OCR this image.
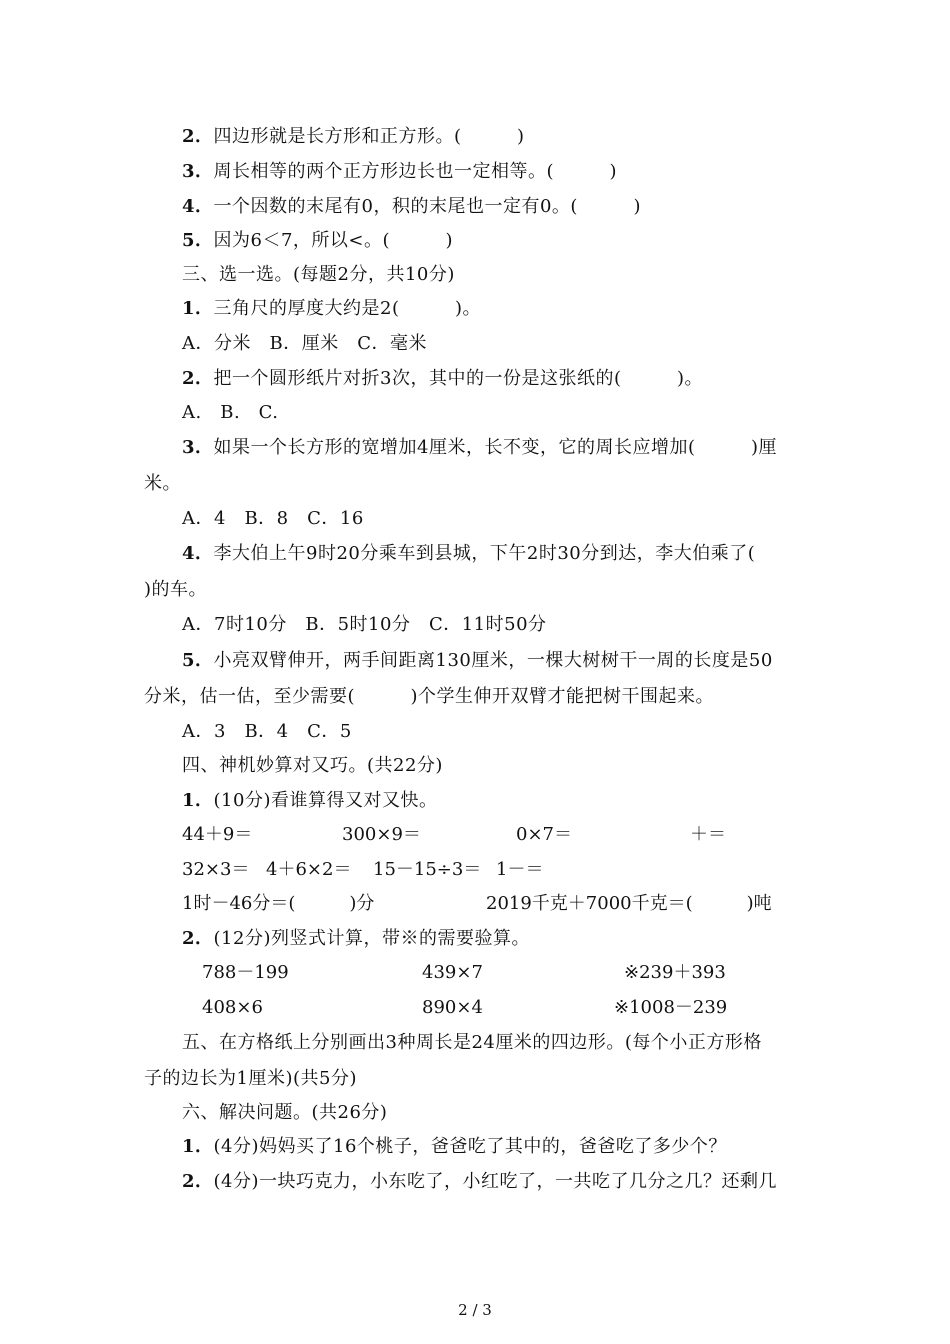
2．四边形就是长方形和正方形。(　　　)
3．周长相等的两个正方形边长也一定相等。(　　　)
4．一个因数的末尾有0，积的末尾也一定有0。(　　　)
5．因为6＜7，所以<。(　　　)
三、选一选。(每题2分，共10分)
1．三角尺的厚度大约是2(　　　)。
A．分米　B．厘米　C．毫米
2．把一个圆形纸片对折3次，其中的一份是这张纸的(　　　)。
A.　B.　C.
3．如果一个长方形的宽增加4厘米，长不变，它的周长应增加(　　　)厘
米。
A．4　B．8　C．16
4．李大伯上午9时20分乘车到县城，下午2时30分到达，李大伯乘了(
)的车。
A．7时10分　B．5时10分　C．11时50分
5．小亮双臂伸开，两手间距离130厘米，一棵大树树干一周的长度是50
分米，估一估，至少需要(　　　)个学生伸开双臂才能把树干围起来。
A．3　B．4　C．5
四、神机妙算对又巧。(共22分)
1．(10分)看谁算得又对又快。
44＋9＝	300×9＝	0×7＝	＋＝
32×3＝ 4＋6×2＝ 15－15÷3＝ 1－＝
1时－46分＝(　　　)分	2019千克＋7000千克＝(　　　)吨
2．(12分)列竖式计算，带※的需要验算。
788－199	439×7	※239＋393
408×6	890×4	※1008－239
五、在方格纸上分别画出3种周长是24厘米的四边形。(每个小正方形格
子的边长为1厘米)(共5分)
六、解决问题。(共26分)
1．(4分)妈妈买了16个桃子，爸爸吃了其中的，爸爸吃了多少个？
2．(4分)一块巧克力，小东吃了，小红吃了，一共吃了几分之几？还剩几
2 / 3
